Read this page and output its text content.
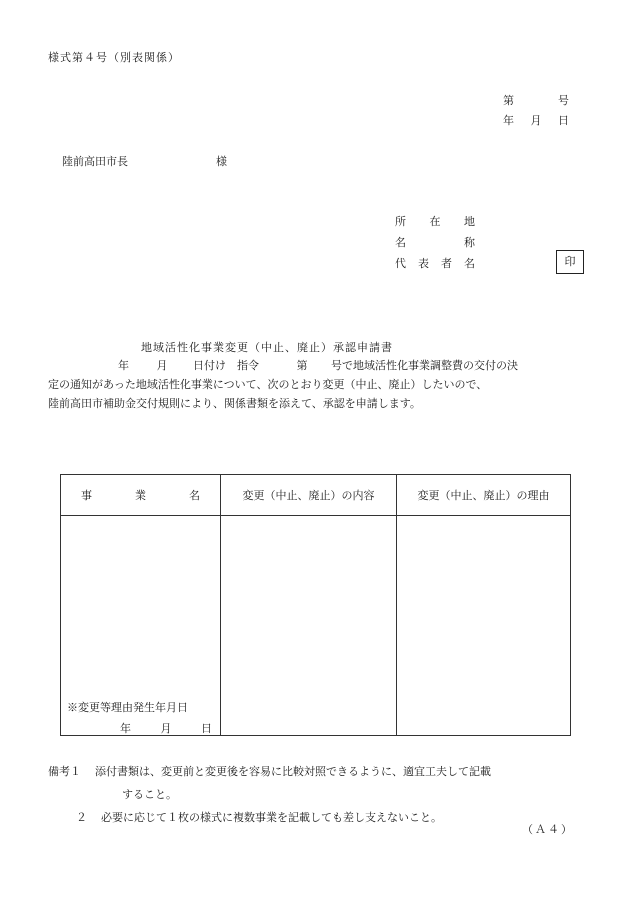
様式第４号（別表関係）
第	号
年 月 日
陸前高田市長	様
所 在 地
名	称
代 表 者 名	印
地域活性化事業変更（中止、廃止）承認申請書
年	月 日付け　指令	第 号で地域活性化事業調整費の交付の決
定の通知があった地域活性化事業について、次のとおり変更（中止、廃止）したいので、
陸前高田市補助金交付規則により、関係書類を添えて、承認を申請します。
事 業 名	変更（中止、廃止）の内容	変更（中止、廃止）の理由

※変更等理由発生年月日
年	月	日
備考１ 添付書類は、変更前と変更後を容易に比較対照できるように、適宜工夫して記載
すること。
２ 必要に応じて１枚の様式に複数事業を記載しても差し支えないこと。
（Ａ４）
